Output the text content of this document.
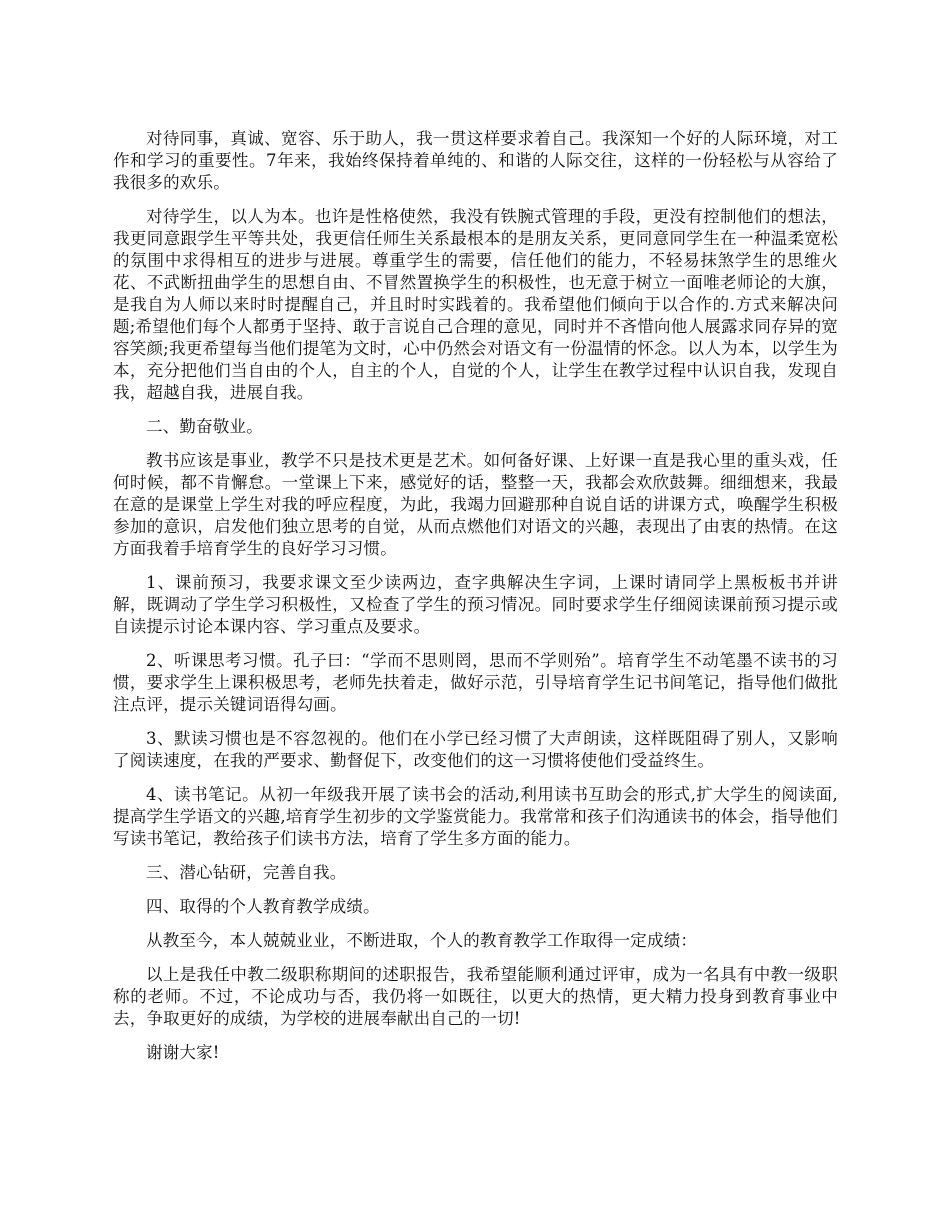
对待同事，真诚、宽容、乐于助人，我一贯这样要求着自己。我深知一个好的人际环境，对工作和学习的重要性。7年来，我始终保持着单纯的、和谐的人际交往，这样的一份轻松与从容给了我很多的欢乐。

对待学生，以人为本。也许是性格使然，我没有铁腕式管理的手段，更没有控制他们的想法，我更同意跟学生平等共处，我更信任师生关系最根本的是朋友关系，更同意同学生在一种温柔宽松的氛围中求得相互的进步与进展。尊重学生的需要，信任他们的能力，不轻易抹煞学生的思维火花、不武断扭曲学生的思想自由、不冒然置换学生的积极性，也无意于树立一面唯老师论的大旗，是我自为人师以来时时提醒自己，并且时时实践着的。我希望他们倾向于以合作的.方式来解决问题;希望他们每个人都勇于坚持、敢于言说自己合理的意见，同时并不吝惜向他人展露求同存异的宽容笑颜;我更希望每当他们提笔为文时，心中仍然会对语文有一份温情的怀念。以人为本，以学生为本，充分把他们当自由的个人，自主的个人，自觉的个人，让学生在教学过程中认识自我，发现自我，超越自我，进展自我。

二、勤奋敬业。

教书应该是事业，教学不只是技术更是艺术。如何备好课、上好课一直是我心里的重头戏，任何时候，都不肯懈怠。一堂课上下来，感觉好的话，整整一天，我都会欢欣鼓舞。细细想来，我最在意的是课堂上学生对我的呼应程度，为此，我竭力回避那种自说自话的讲课方式，唤醒学生积极参加的意识，启发他们独立思考的自觉，从而点燃他们对语文的兴趣，表现出了由衷的热情。在这方面我着手培育学生的良好学习习惯。

1、课前预习，我要求课文至少读两边，查字典解决生字词，上课时请同学上黑板板书并讲解，既调动了学生学习积极性，又检查了学生的预习情况。同时要求学生仔细阅读课前预习提示或自读提示讨论本课内容、学习重点及要求。

2、听课思考习惯。孔子曰：“学而不思则罔，思而不学则殆”。培育学生不动笔墨不读书的习惯，要求学生上课积极思考，老师先扶着走，做好示范，引导培育学生记书间笔记，指导他们做批注点评，提示关键词语得勾画。

3、默读习惯也是不容忽视的。他们在小学已经习惯了大声朗读，这样既阻碍了别人，又影响了阅读速度，在我的严要求、勤督促下，改变他们的这一习惯将使他们受益终生。

4、读书笔记。从初一年级我开展了读书会的活动,利用读书互助会的形式,扩大学生的阅读面,提高学生学语文的兴趣,培育学生初步的文学鉴赏能力。我常常和孩子们沟通读书的体会，指导他们写读书笔记，教给孩子们读书方法，培育了学生多方面的能力。

三、潜心钻研，完善自我。

四、取得的个人教育教学成绩。

从教至今，本人兢兢业业，不断进取，个人的教育教学工作取得一定成绩：

以上是我任中教二级职称期间的述职报告，我希望能顺利通过评审，成为一名具有中教一级职称的老师。不过，不论成功与否，我仍将一如既往，以更大的热情，更大精力投身到教育事业中去，争取更好的成绩，为学校的进展奉献出自己的一切!

谢谢大家!
